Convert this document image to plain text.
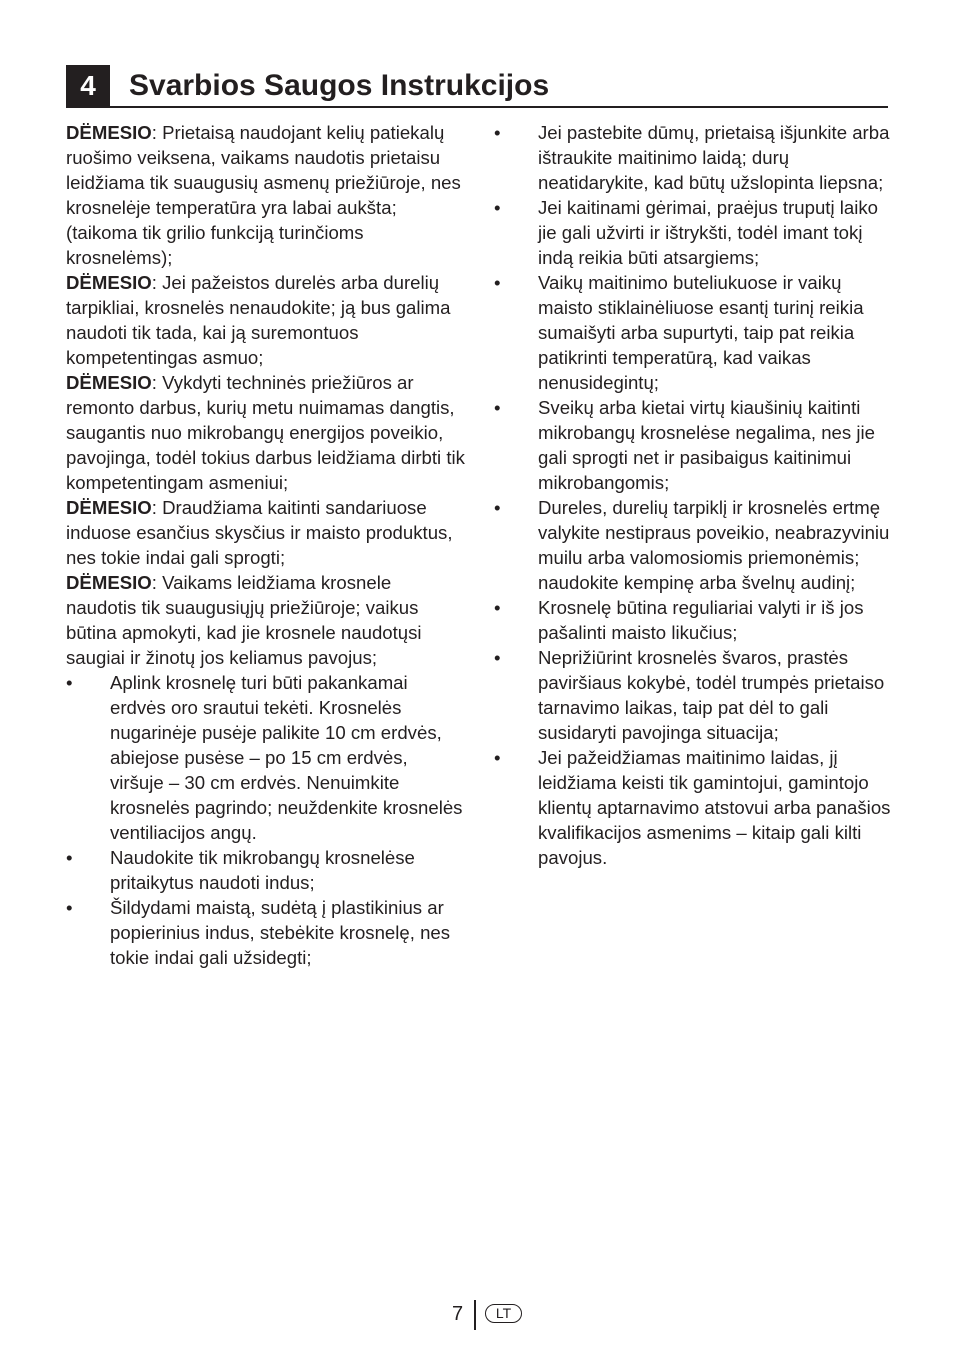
4	Svarbios Saugos Instrukcijos

DËMESIO: Prietaisą naudojant kelių patiekalų ruošimo veiksena, vaikams naudotis prietaisu leidžiama tik suaugusių asmenų priežiūroje, nes krosnelėje temperatūra yra labai aukšta; (taikoma tik grilio funkciją turinčioms krosnelėms);

DËMESIO: Jei pažeistos durelės arba durelių tarpikliai, krosnelės nenaudokite; ją bus galima naudoti tik tada, kai ją suremontuos kompetentingas asmuo;

DËMESIO: Vykdyti techninės priežiūros ar remonto darbus, kurių metu nuimamas dangtis, saugantis nuo mikrobangų energijos poveikio, pavojinga, todėl tokius darbus leidžiama dirbti tik kompetentingam asmeniui;

DËMESIO: Draudžiama kaitinti sandariuose induose esančius skysčius ir maisto produktus, nes tokie indai gali sprogti;

DËMESIO: Vaikams leidžiama krosnele naudotis tik suaugusiųjų priežiūroje; vaikus būtina apmokyti, kad jie krosnele naudotųsi saugiai ir žinotų jos keliamus pavojus;

• Aplink krosnelę turi būti pakankamai erdvės oro srautui tekėti. Krosnelės nugarinėje pusėje palikite 10 cm erdvės, abiejose pusėse – po 15 cm erdvės, viršuje – 30 cm erdvės. Nenuimkite krosnelės pagrindo; neuždenkite krosnelės ventiliacijos angų.
• Naudokite tik mikrobangų krosnelėse pritaikytus naudoti indus;
• Šildydami maistą, sudėtą į plastikinius ar popierinius indus, stebėkite krosnelę, nes tokie indai gali užsidegti;
• Jei pastebite dūmų, prietaisą išjunkite arba ištraukite maitinimo laidą; durų neatidarykite, kad būtų užslopinta liepsna;
• Jei kaitinami gėrimai, praėjus truputį laiko jie gali užvirti ir ištrykšti, todėl imant tokį indą reikia būti atsargiems;
• Vaikų maitinimo buteliukuose ir vaikų maisto stiklainėliuose esantį turinį reikia sumaišyti arba supurtyti, taip pat reikia patikrinti temperatūrą, kad vaikas nenusidegintų;
• Sveikų arba kietai virtų kiaušinių kaitinti mikrobangų krosnelėse negalima, nes jie gali sprogti net ir pasibaigus kaitinimui mikrobangomis;
• Dureles, durelių tarpiklį ir krosnelės ertmę valykite nestipraus poveikio, neabrazyviniu muilu arba valomosiomis priemonėmis; naudokite kempinę arba švelnų audinį;
• Krosnelę būtina reguliariai valyti ir iš jos pašalinti maisto likučius;
• Neprižiūrint krosnelės švaros, prastės paviršiaus kokybė, todėl trumpės prietaiso tarnavimo laikas, taip pat dėl to gali susidaryti pavojinga situacija;
• Jei pažeidžiamas maitinimo laidas, jį leidžiama keisti tik gamintojui, gamintojo klientų aptarnavimo atstovui arba panašios kvalifikacijos asmenims – kitaip gali kilti pavojus.
7	LT
